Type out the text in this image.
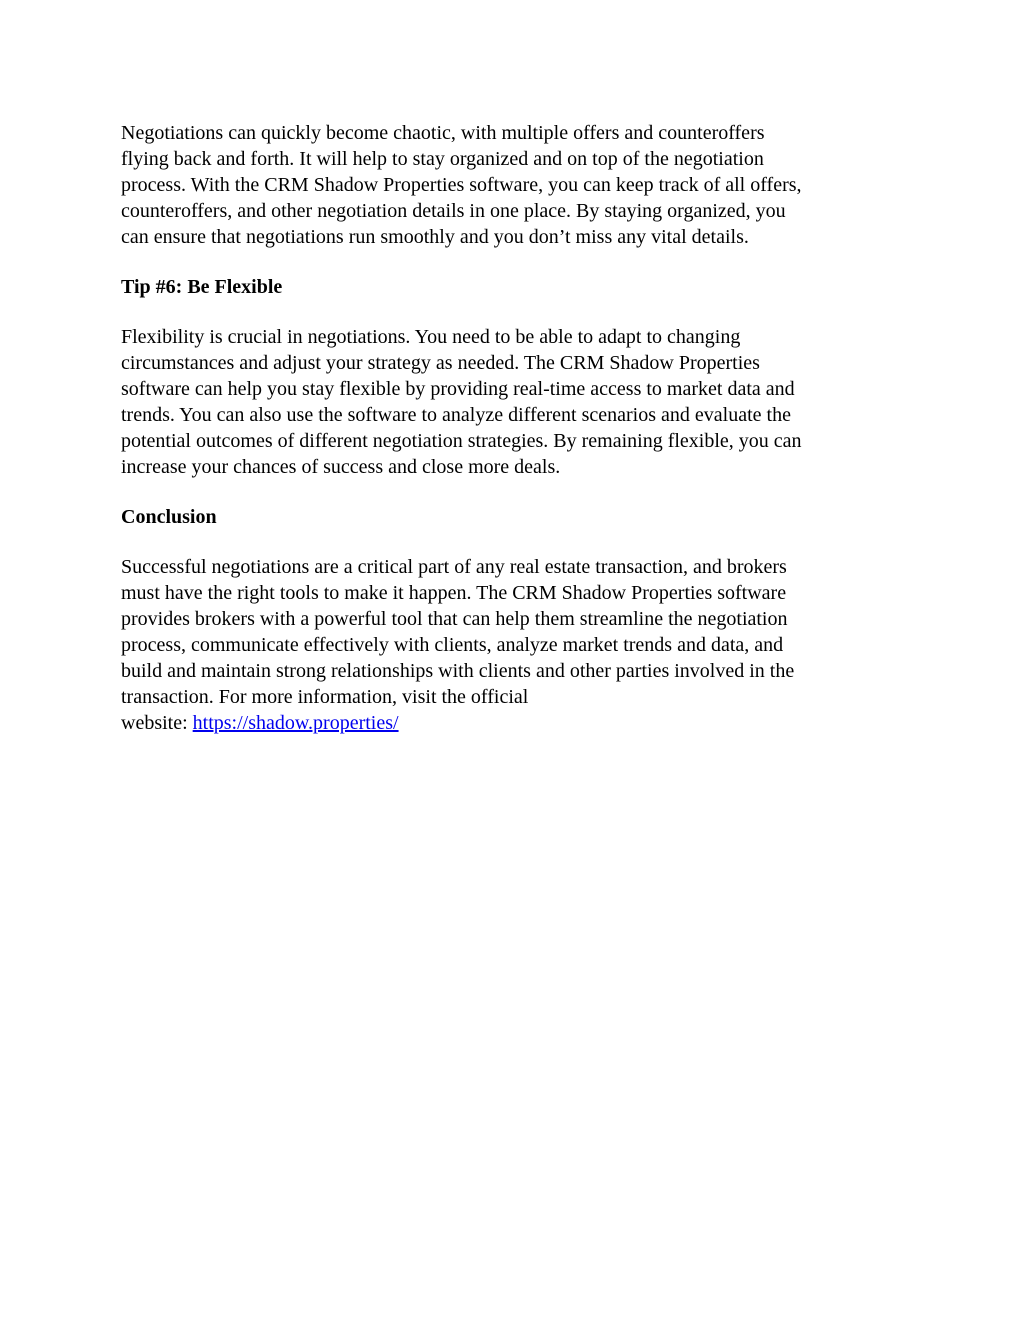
Negotiations can quickly become chaotic, with multiple offers and counteroffers
flying back and forth. It will help to stay organized and on top of the negotiation
process. With the CRM Shadow Properties software, you can keep track of all offers,
counteroffers, and other negotiation details in one place. By staying organized, you
can ensure that negotiations run smoothly and you don’t miss any vital details.

Tip #6: Be Flexible

Flexibility is crucial in negotiations. You need to be able to adapt to changing
circumstances and adjust your strategy as needed. The CRM Shadow Properties
software can help you stay flexible by providing real-time access to market data and
trends. You can also use the software to analyze different scenarios and evaluate the
potential outcomes of different negotiation strategies. By remaining flexible, you can
increase your chances of success and close more deals.

Conclusion

Successful negotiations are a critical part of any real estate transaction, and brokers
must have the right tools to make it happen. The CRM Shadow Properties software
provides brokers with a powerful tool that can help them streamline the negotiation
process, communicate effectively with clients, analyze market trends and data, and
build and maintain strong relationships with clients and other parties involved in the
transaction. For more information, visit the official
website: https://shadow.properties/
